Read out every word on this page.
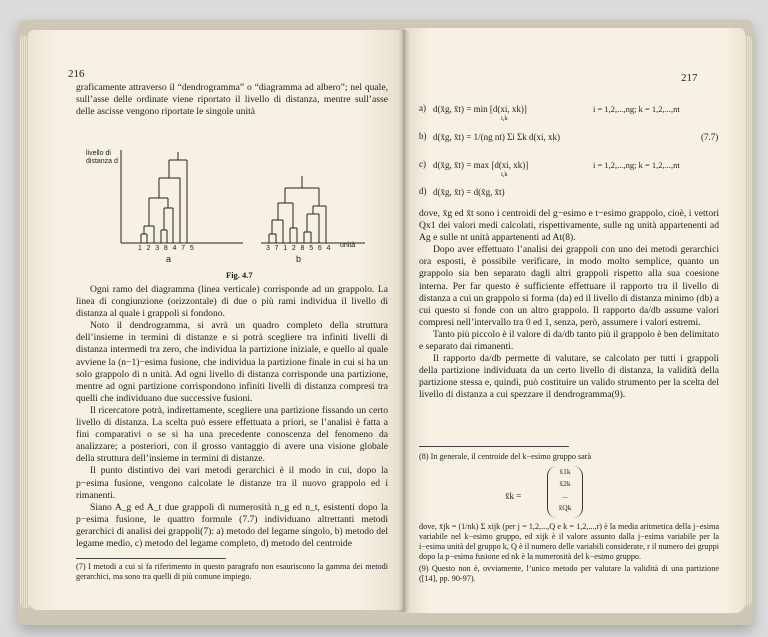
216

graficamente attraverso il “dendrogramma” o “diagramma ad albero”; nel quale, sull’asse delle ordinate viene riportato il livello di distanza, mentre sull’asse delle ascisse vengono riportate le singole unità

livello di
distanza d
1 2 3 8 4 7 5	3 7 1 2 8 5 6 4 unità
a	b
Fig. 4.7

Ogni ramo del diagramma (linea verticale) corrisponde ad un grappolo. La linea di congiunzione (orizzontale) di due o più rami individua il livello di distanza al quale i grappoli si fondono.

Noto il dendrogramma, si avrà un quadro completo della struttura dell’insieme in termini di distanze e si potrà scegliere tra infiniti livelli di distanza intermedi tra zero, che individua la partizione iniziale, e quello al quale avviene la (n−1)−esima fusione, che individua la partizione finale in cui si ha un solo grappolo di n unità. Ad ogni livello di distanza corrisponde una partizione, mentre ad ogni partizione corrispondono infiniti livelli di distanza compresi tra quelli che individuano due successive fusioni.

Il ricercatore potrà, indirettamente, scegliere una partizione fissando un certo livello di distanza. La scelta può essere effettuata a priori, se l’analisi è fatta a fini comparativi o se si ha una precedente conoscenza del fenomeno da analizzare; a posteriori, con il grosso vantaggio di avere una visione globale della struttura dell’insieme in termini di distanze.

Il punto distintivo dei vari metodi gerarchici è il modo in cui, dopo la p−esima fusione, vengono calcolate le distanze tra il nuovo grappolo ed i rimanenti.

Siano A_g ed A_t due grappoli di numerosità n_g ed n_t, esistenti dopo la p−esima fusione, le quattro formule (7.7) individuano altrettanti metodi gerarchici di analisi dei grappoli(7): a) metodo del legame singolo, b) metodo del legame medio, c) metodo del legame completo, d) metodo del centroide

(7) I metodi a cui si fa riferimento in questo paragrafo non esauriscono la gamma dei metodi gerarchici, ma sono tra quelli di più comune impiego.
217
a) d(x̄g, x̄t) = min [d(xi, xk)]
i,k
i = 1,2,...,ng; k = 1,2,...,nt
b) d(x̄g, x̄t) = 1/(ng nt) Σi Σk d(xi, xk)	(7.7)
c) d(x̄g, x̄t) = max [d(xi, xk)]
i,k
i = 1,2,...,ng; k = 1,2,...,nt
d) d(x̄g, x̄t) = d(x̄g, x̄t)

dove, x̄g ed x̄t sono i centroidi del g−esimo e t−esimo grappolo, cioè, i vettori Qx1 dei valori medi calcolati, rispettivamente, sulle ng unità appartenenti ad Ag e sulle nt unità appartenenti ad At(8).

Dopo aver effettuato l’analisi dei grappoli con uno dei metodi gerarchici ora esposti, è possibile verificare, in modo molto semplice, quanto un grappolo sia ben separato dagli altri grappoli rispetto alla sua coesione interna. Per far questo è sufficiente effettuare il rapporto tra il livello di distanza a cui un grappolo si forma (da) ed il livello di distanza minimo (db) a cui questo si fonde con un altro grappolo. Il rapporto da/db assume valori compresi nell’intervallo tra 0 ed 1, senza, però, assumere i valori estremi.

Tanto più piccolo è il valore di da/db tanto più il grappolo è ben delimitato e separato dai rimanenti.

Il rapporto da/db permette di valutare, se calcolato per tutti i grappoli della partizione individuata da un certo livello di distanza, la validità della partizione stessa e, quindi, può costituire un valido strumento per la scelta del livello di distanza a cui spezzare il dendrogramma(9).

(8) In generale, il centroide del k−esimo gruppo sarà
x̄k =
x̄1k
x̄2k
...
x̄Qk
dove, x̄jk = (1/nk) Σ xijk (per j = 1,2,...,Q e k = 1,2,...,r) è la media aritmetica della j−esima variabile nel k−esimo gruppo, ed xijk è il valore assunto dalla j−esima variabile per la i−esima unità del gruppo k, Q è il numero delle variabili considerate, r il numero dei gruppi dopo la p−esima fusione ed nk è la numerosità del k−esimo gruppo.
(9) Questo non è, ovviamente, l’unico metodo per valutare la validità di una partizione ([14], pp. 90-97).
